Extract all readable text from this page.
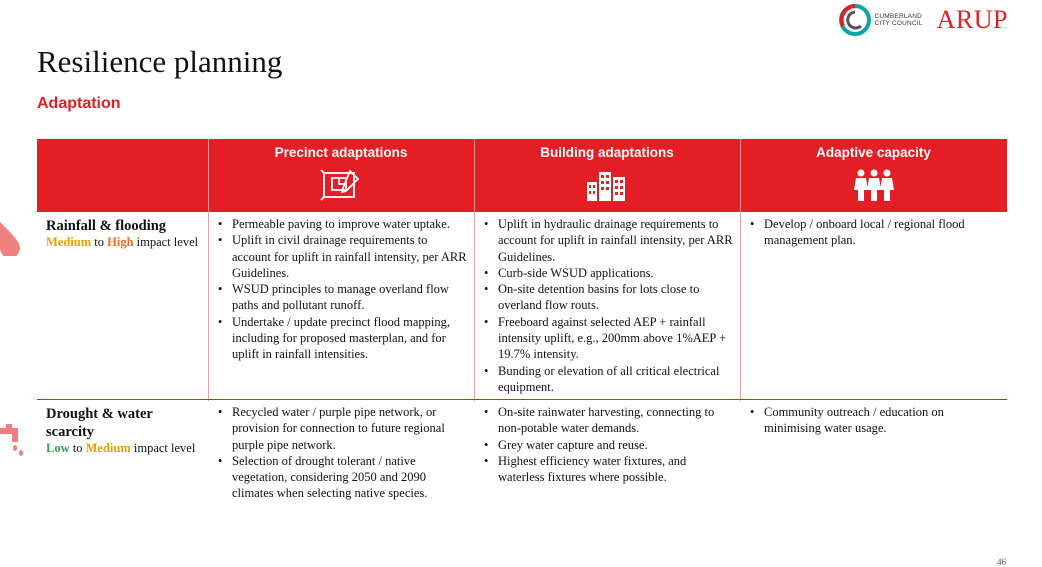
CUMBERLAND
CITY COUNCIL ARUP
Resilience planning
Adaptation
Precinct adaptations	Building adaptations	Adaptive capacity
Rainfall & flooding
Medium to High impact level
• Permeable paving to improve water uptake.
• Uplift in civil drainage requirements to account for uplift in rainfall intensity, per ARR Guidelines.
• WSUD principles to manage overland flow paths and pollutant runoff.
• Undertake / update precinct flood mapping, including for proposed masterplan, and for uplift in rainfall intensities.
• Uplift in hydraulic drainage requirements to account for uplift in rainfall intensity, per ARR Guidelines.
• Curb-side WSUD applications.
• On-site detention basins for lots close to overland flow routs.
• Freeboard against selected AEP + rainfall intensity uplift, e.g., 200mm above 1%AEP + 19.7% intensity.
• Bunding or elevation of all critical electrical equipment.
• Develop / onboard local / regional flood management plan.
Drought & water scarcity
Low to Medium impact level
• Recycled water / purple pipe network, or provision for connection to future regional purple pipe network.
• Selection of drought tolerant / native vegetation, considering 2050 and 2090 climates when selecting native species.
• On-site rainwater harvesting, connecting to non-potable water demands.
• Grey water capture and reuse.
• Highest efficiency water fixtures, and waterless fixtures where possible.
• Community outreach / education on minimising water usage.
46
